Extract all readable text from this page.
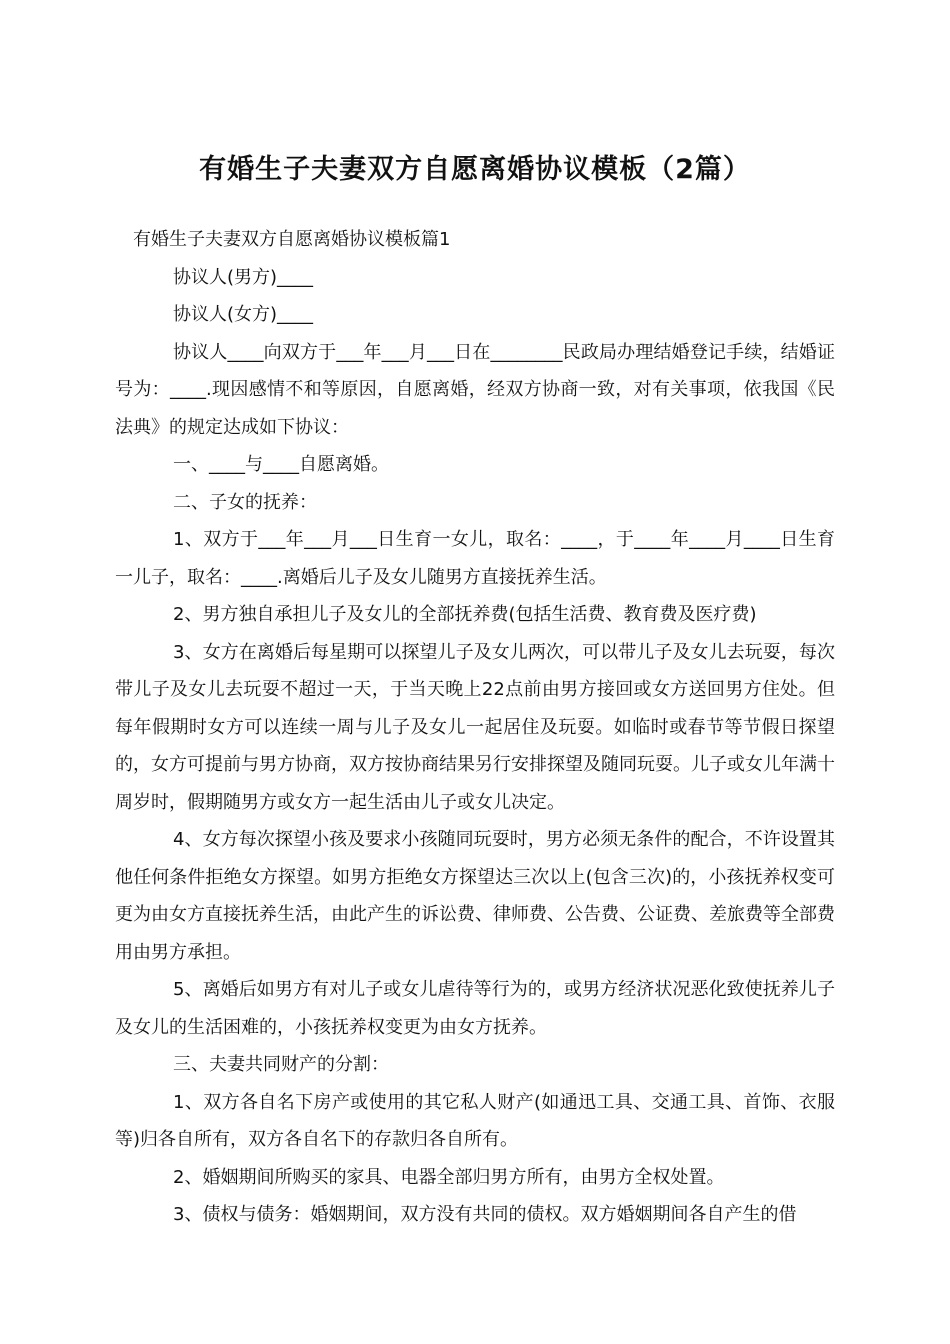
有婚生子夫妻双方自愿离婚协议模板（2篇）

有婚生子夫妻双方自愿离婚协议模板篇1

协议人(男方)____

协议人(女方)____

协议人____向双方于___年___月___日在________民政局办理结婚登记手续，结婚证号为：____.现因感情不和等原因，自愿离婚，经双方协商一致，对有关事项，依我国《民法典》的规定达成如下协议：

一、____与____自愿离婚。

二、子女的抚养：

1、双方于___年___月___日生育一女儿，取名：____，于____年____月____日生育一儿子，取名：____.离婚后儿子及女儿随男方直接抚养生活。

2、男方独自承担儿子及女儿的全部抚养费(包括生活费、教育费及医疗费)

3、女方在离婚后每星期可以探望儿子及女儿两次，可以带儿子及女儿去玩耍，每次带儿子及女儿去玩耍不超过一天，于当天晚上22点前由男方接回或女方送回男方住处。但每年假期时女方可以连续一周与儿子及女儿一起居住及玩耍。如临时或春节等节假日探望的，女方可提前与男方协商，双方按协商结果另行安排探望及随同玩耍。儿子或女儿年满十周岁时，假期随男方或女方一起生活由儿子或女儿决定。

4、女方每次探望小孩及要求小孩随同玩耍时，男方必须无条件的配合，不许设置其他任何条件拒绝女方探望。如男方拒绝女方探望达三次以上(包含三次)的，小孩抚养权变可更为由女方直接抚养生活，由此产生的诉讼费、律师费、公告费、公证费、差旅费等全部费用由男方承担。

5、离婚后如男方有对儿子或女儿虐待等行为的，或男方经济状况恶化致使抚养儿子及女儿的生活困难的，小孩抚养权变更为由女方抚养。

三、夫妻共同财产的分割：

1、双方各自名下房产或使用的其它私人财产(如通迅工具、交通工具、首饰、衣服等)归各自所有，双方各自名下的存款归各自所有。

2、婚姻期间所购买的家具、电器全部归男方所有，由男方全权处置。

3、债权与债务：婚姻期间，双方没有共同的债权。双方婚姻期间各自产生的借
